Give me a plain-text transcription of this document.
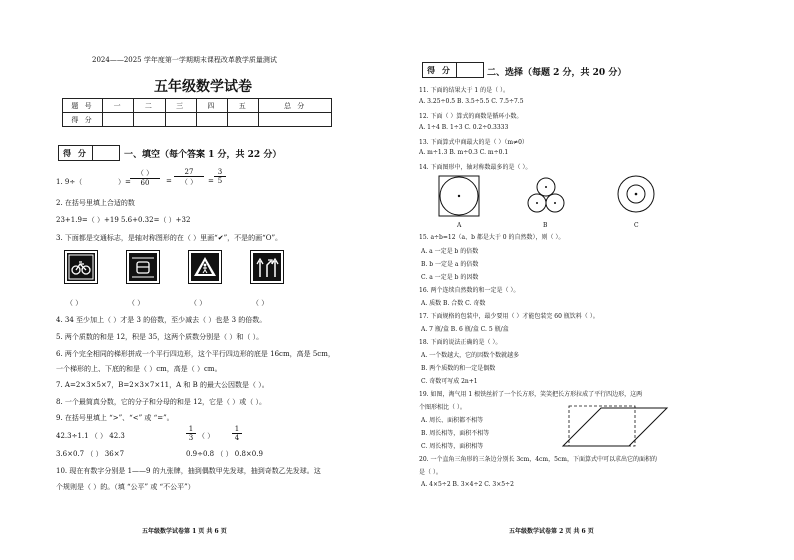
2024——2025 学年度第一学期期末课程改革教学质量测试
五年级数学试卷
题 号	一	二	三	四	五	总 分
得 分						
得 分	一、填空（每个答案 1 分，共 22 分）
1. 9÷（	）=
（ ）
60	=
27
（ ）	= $\frac{3}{5}$
2. 在括号里填上合适的数
23+1.9=（ ）+19 5.6+0.32=（ ）+32
3. 下面都是交通标志，是轴对称图形的在（ ）里画“✔”，不是的画“O”。
（ ）	（ ）	（ ）	（ ）
4. 34 至少加上（ ）才是 3 的倍数，至少减去（ ）也是 3 的倍数。
5. 两个质数的和是 12，积是 35，这两个质数分别是（ ）和（ ）。
6. 两个完全相同的梯形拼成一个平行四边形，这个平行四边形的底是 16cm，高是 5cm，
一个梯形的上、下底的和是（ ）cm，高是（ ）cm。
7. A=2×3×5×7，B=2×3×7×11，A 和 B 的最大公因数是（ ）。
8. 一个最简真分数，它的分子和分母的和是 12，它是（ ）或（ ）。
9. 在括号里填上 “>”、“<” 或 “=”。
42.3÷1.1 （ ） 42.3	$\frac{1}{3}$ （ ）	$\frac{1}{4}$
3.6×0.7 （ ） 36×7	0.9÷0.8 （ ） 0.8×0.9
10. 现在有数字分别是 1——9 的九张牌，抽到偶数甲先发球，抽到奇数乙先发球。这
个规则是（ ）的。（填 “公平” 或 “不公平”）
五年级数学试卷第 1 页 共 6 页
得 分	二、选择（每题 2 分，共 20 分）
11. 下面的结果大于 1 的是（ ）。
A. 3.25÷0.5 B. 3.5÷5.5 C. 7.5÷7.5
12. 下面（ ）算式的商数是循环小数。
A. 1÷4 B. 1÷3 C. 0.2÷0.3333
13. 下面算式中商最大的是（ ）（m≠0）
A. m÷1.3 B. m÷0.3 C. m÷0.1
14. 下面图形中，轴对称数最多的是（ ）。
A	B	C
15. a÷b=12（a、b 都是大于 0 的自然数），则（ ）。
A. a 一定是 b 的倍数
B. b 一定是 a 的倍数
C. a 一定是 b 的因数
16. 两个连续自然数的和一定是（ ）。
A. 质数 B. 合数 C. 奇数
17. 下面规格的包装中，最少要用（ ）才能包装完 60 瓶饮料（ ）。
A. 7 瓶/盒 B. 6 瓶/盒 C. 5 瓶/盒
18. 下面的说法正确的是（ ）。
A. 一个数越大，它的因数个数就越多
B. 两个质数的和一定是偶数
C. 奇数可写成 2n+1
19. 如图，淘气用 1 根铁丝折了一个长方形，笑笑把长方形拉成了平行四边形，这两
个图形相比（ ）。
A. 周长、面积都不相等
B. 周长相等，面积不相等
C. 周长相等，面积相等
20. 一个直角三角形的三条边分别长 3cm，4cm，5cm，下面算式中可以求出它的面积的
是（ ）。
A. 4×5÷2 B. 3×4÷2 C. 3×5÷2
五年级数学试卷第 2 页 共 6 页
